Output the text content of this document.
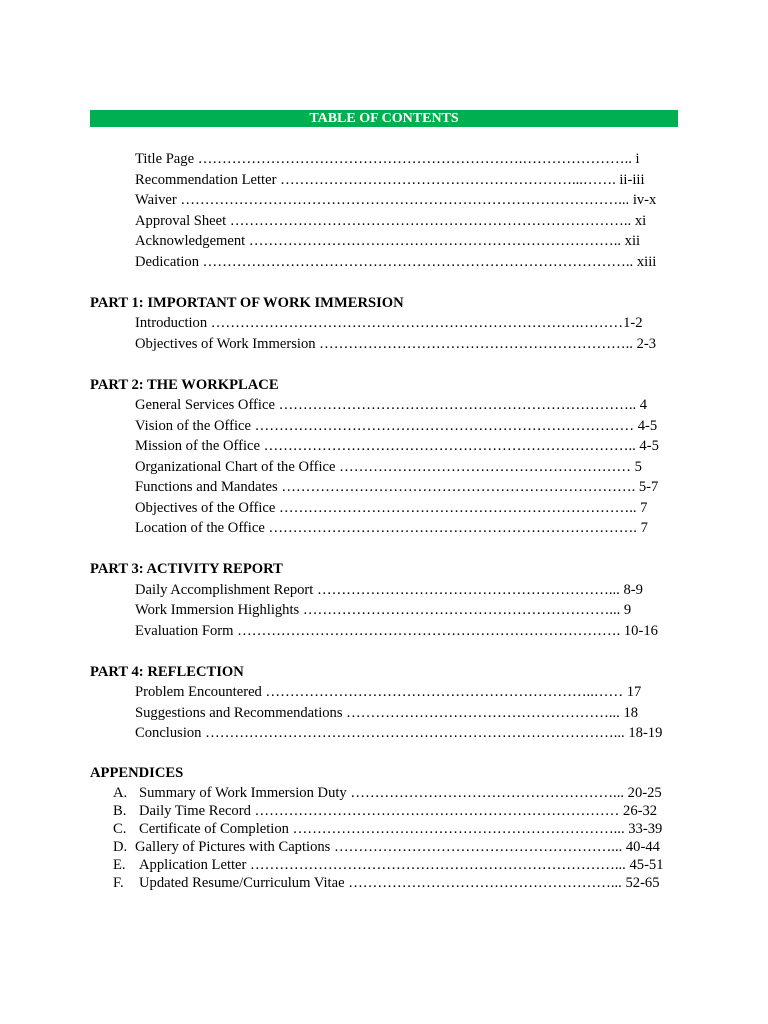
TABLE OF CONTENTS
Title Page ………………………………………………………….………………….. i
Recommendation Letter ……………………………………………………...……. ii-iii
Waiver ………………………………………………………………………………... iv-x
Approval Sheet ……………………………………………………………………….. xi
Acknowledgement ………………………………………………………………….. xii
Dedication …………………………………………………………………………….. xiii
PART 1: IMPORTANT OF WORK IMMERSION
Introduction ………………………………………………………………….………1-2
Objectives of Work Immersion ……………………………………………………….. 2-3
PART 2: THE WORKPLACE
General Services Office ……………………………………………………………….. 4
Vision of the Office …………………………………………………………………… 4-5
Mission of the Office ………………………………………………………………….. 4-5
Organizational Chart of the Office …………………………………………………… 5
Functions and Mandates ………………………………………………………………. 5-7
Objectives of the Office ……………………………………………………………….. 7
Location of the Office …………………………………………………………………. 7
PART 3: ACTIVITY REPORT
Daily Accomplishment Report ……………………………………………………... 8-9
Work Immersion Highlights ………………………………………………………... 9
Evaluation Form ……………………………………………………………………. 10-16
PART 4: REFLECTION
Problem Encountered …………………………………………………………..…… 17
Suggestions and Recommendations ………………………………………………... 18
Conclusion …………………………………………………………………………... 18-19
APPENDICES
A. Summary of Work Immersion Duty ………………………………………………... 20-25
B. Daily Time Record ………………………………………………………………… 26-32
C. Certificate of Completion …………………………………………………………... 33-39
D. Gallery of Pictures with Captions …………………………………………………... 40-44
E. Application Letter …………………………………………………………………... 45-51
F. Updated Resume/Curriculum Vitae ………………………………………………... 52-65
